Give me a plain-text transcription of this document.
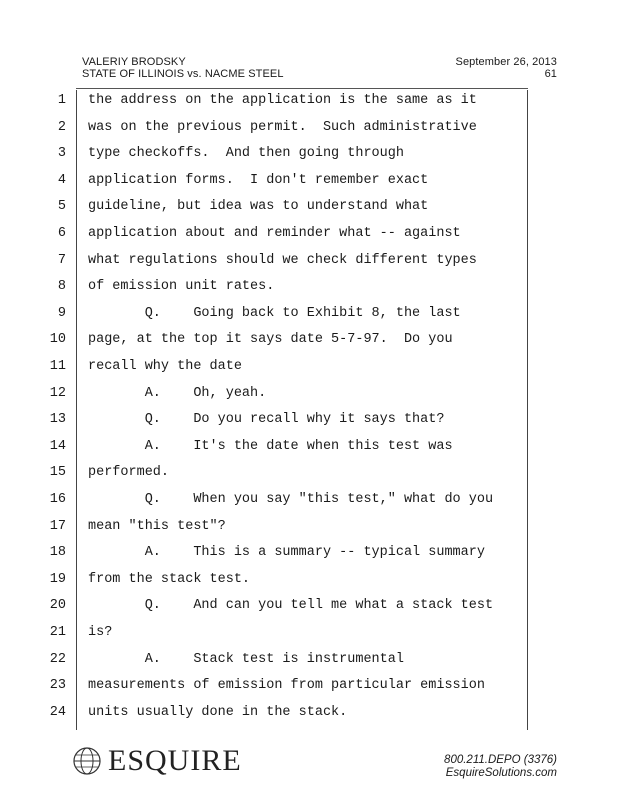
VALERIY BRODSKY
STATE OF ILLINOIS vs. NACME STEEL
September 26, 2013
61
1 the address on the application is the same as it
2 was on the previous permit.  Such administrative
3 type checkoffs.  And then going through
4 application forms.  I don't remember exact
5 guideline, but idea was to understand what
6 application about and reminder what -- against
7 what regulations should we check different types
8 of emission unit rates.
9 Q.    Going back to Exhibit 8, the last
10 page, at the top it says date 5-7-97.  Do you
11 recall why the date
12 A.    Oh, yeah.
13 Q.    Do you recall why it says that?
14 A.    It's the date when this test was
15 performed.
16 Q.    When you say "this test," what do you
17 mean "this test"?
18 A.    This is a summary -- typical summary
19 from the stack test.
20 Q.    And can you tell me what a stack test
21 is?
22 A.    Stack test is instrumental
23 measurements of emission from particular emission
24 units usually done in the stack.
ESQUIRE	800.211.DEPO (3376)
EsquireSolutions.com
